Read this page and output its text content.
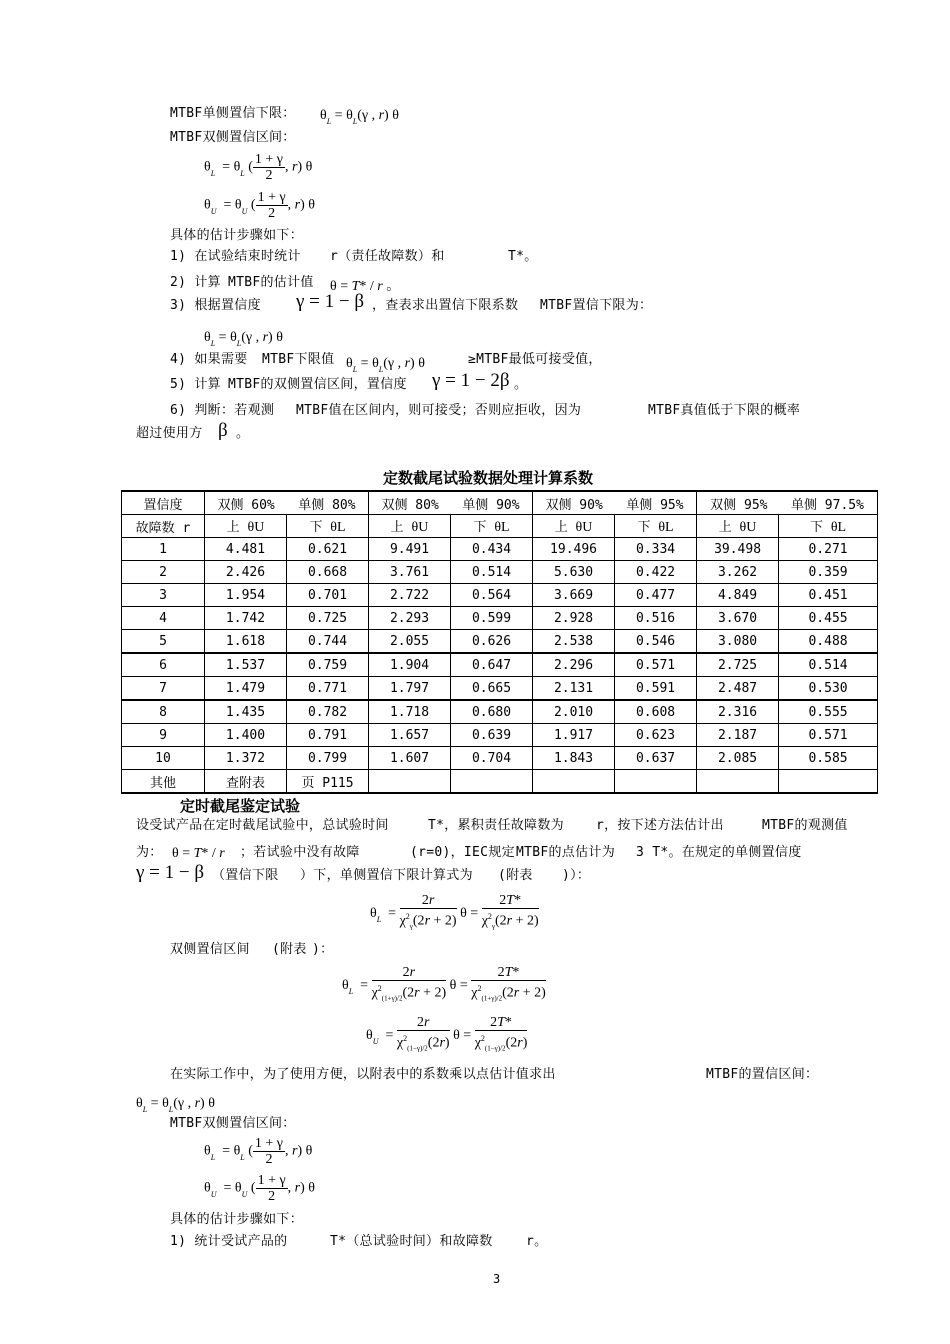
MTBF单侧置信下限： $\theta_L = \theta_L(\gamma$ , r) θ
MTBF双侧置信区间：
$\theta_L = \theta_L$ ( $\frac{1 + \gamma}{2}$ , r) θ
$\theta_U = \theta_U$ ( $\frac{1 + \gamma}{2}$ , r) θ
具体的估计步骤如下：
1) 在试验结束时统计 r（责任故障数）和	T*。
2) 计算 MTBF的估计值 θ = T* / r 。
3) 根据置信度 γ = 1 − β ，查表求出置信下限系数 MTBF置信下限为：
$\theta_L = \theta_L(\gamma$ , r) θ
4) 如果需要 MTBF下限值 $\theta_L = \theta_L(\gamma$ , r) θ	≥MTBF最低可接受值，
5) 计算 MTBF的双侧置信区间，置信度 γ = 1 − 2β 。
6) 判断：若观测 MTBF值在区间内，则可接受；否则应拒收，因为	MTBF真值低于下限的概率
超过使用方 β 。
定数截尾试验数据处理计算系数
置信度	双侧 60% 单侧 80%		双侧 80% 单侧 90%		双侧 90% 单侧 95%		双侧 95% 单侧 97.5%	
故障数 r	上 θU	下 θL	上 θU	下 θL	上 θU	下 θL	上 θU	下 θL
1	4.481	0.621	9.491	0.434	19.496	0.334	39.498	0.271
2	2.426	0.668	3.761	0.514	5.630	0.422	3.262	0.359
3	1.954	0.701	2.722	0.564	3.669	0.477	4.849	0.451
4	1.742	0.725	2.293	0.599	2.928	0.516	3.670	0.455
5	1.618	0.744	2.055	0.626	2.538	0.546	3.080	0.488
6	1.537	0.759	1.904	0.647	2.296	0.571	2.725	0.514
7	1.479	0.771	1.797	0.665	2.131	0.591	2.487	0.530
8	1.435	0.782	1.718	0.680	2.010	0.608	2.316	0.555
9	1.400	0.791	1.657	0.639	1.917	0.623	2.187	0.571
10	1.372	0.799	1.607	0.704	1.843	0.637	2.085	0.585
其他	查附表	页 P115						
定时截尾鉴定试验
设受试产品在定时截尾试验中，总试验时间	T*，累积责任故障数为 r，按下述方法估计出	MTBF的观测值
为： θ = T* / r ；若试验中没有故障	(r=0)，IEC规定 MTBF的点估计为 3 T*。在规定的单侧置信度
γ = 1 − β （置信下限 ）下，单侧置信下限计算式为 (附表 )）：
$\theta_L = \frac{2r}{\chi^2_\gamma(2r + 2)}$ $\theta = \frac{2T*}{\chi^2_\gamma(2r + 2)}$
双侧置信区间 (附表 )：
$\theta_L = \frac{2r}{\chi^2_{(1+\gamma)/2}(2r + 2)}$ $\theta = \frac{2T*}{\chi^2_{(1+\gamma)/2}(2r + 2)}$
$\theta_U = \frac{2r}{\chi^2_{(1-\gamma)/2}(2r)}$ $\theta = \frac{2T*}{\chi^2_{(1-\gamma)/2}(2r)}$
在实际工作中，为了使用方便，以附表中的系数乘以点估计值求出	MTBF的置信区间：
$\theta_L = \theta_L(\gamma$ , r) θ
MTBF双侧置信区间：
$\theta_L = \theta_L$ ( $\frac{1 + \gamma}{2}$ , r) θ
$\theta_U = \theta_U$ ( $\frac{1 + \gamma}{2}$ , r) θ
具体的估计步骤如下：
1) 统计受试产品的	T*（总试验时间）和故障数	r。
3
